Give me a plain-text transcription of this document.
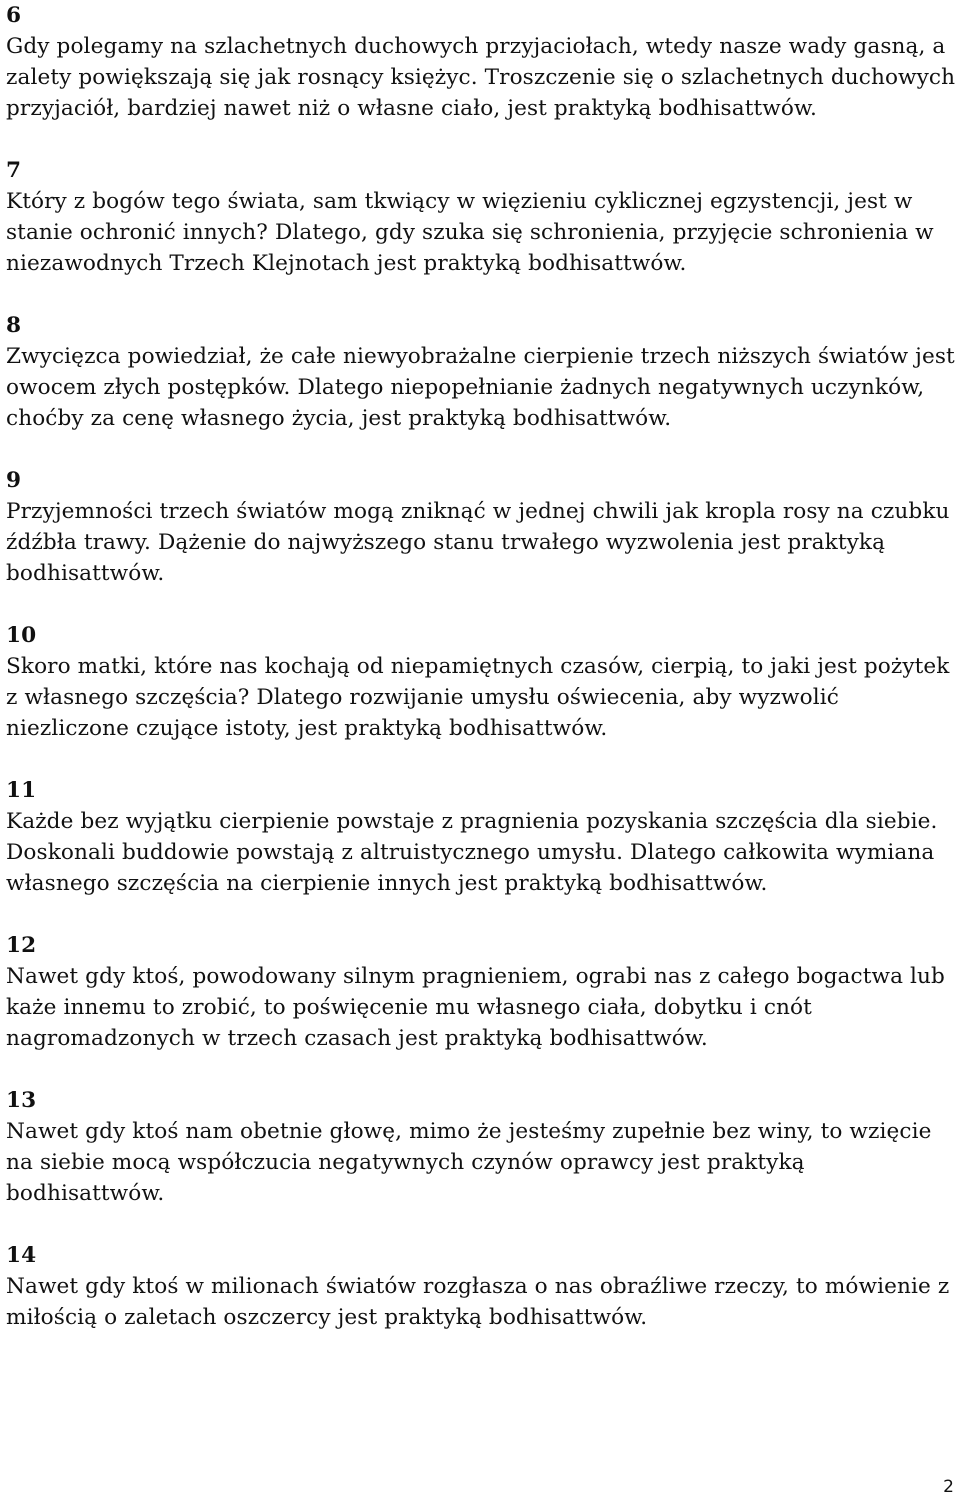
6
Gdy polegamy na szlachetnych duchowych przyjaciołach, wtedy nasze wady gasną, a zalety powiększają się jak rosnący księżyc. Troszczenie się o szlachetnych duchowych przyjaciół, bardziej nawet niż o własne ciało, jest praktyką bodhisattwów.
7
Który z bogów tego świata, sam tkwiący w więzieniu cyklicznej egzystencji, jest w stanie ochronić innych? Dlatego, gdy szuka się schronienia, przyjęcie schronienia w niezawodnych Trzech Klejnotach jest praktyką bodhisattwów.
8
Zwycięzca powiedział, że całe niewyobrażalne cierpienie trzech niższych światów jest owocem złych postępków. Dlatego niepopełnianie żadnych negatywnych uczynków, choćby za cenę własnego życia, jest praktyką bodhisattwów.
9
Przyjemności trzech światów mogą zniknąć w jednej chwili jak kropla rosy na czubku źdźbła trawy. Dążenie do najwyższego stanu trwałego wyzwolenia jest praktyką bodhisattwów.
10
Skoro matki, które nas kochają od niepamiętnych czasów, cierpią, to jaki jest pożytek z własnego szczęścia? Dlatego rozwijanie umysłu oświecenia, aby wyzwolić niezliczone czujące istoty, jest praktyką bodhisattwów.
11
Każde bez wyjątku cierpienie powstaje z pragnienia pozyskania szczęścia dla siebie. Doskonali buddowie powstają z altruistycznego umysłu. Dlatego całkowita wymiana własnego szczęścia na cierpienie innych jest praktyką bodhisattwów.
12
Nawet gdy ktoś, powodowany silnym pragnieniem, ograbi nas z całego bogactwa lub każe innemu to zrobić, to poświęcenie mu własnego ciała, dobytku i cnót nagromadzonych w trzech czasach jest praktyką bodhisattwów.
13
Nawet gdy ktoś nam obetnie głowę, mimo że jesteśmy zupełnie bez winy, to wzięcie na siebie mocą współczucia negatywnych czynów oprawcy jest praktyką bodhisattwów.
14
Nawet gdy ktoś w milionach światów rozgłasza o nas obraźliwe rzeczy, to mówienie z miłością o zaletach oszczercy jest praktyką bodhisattwów.
2
